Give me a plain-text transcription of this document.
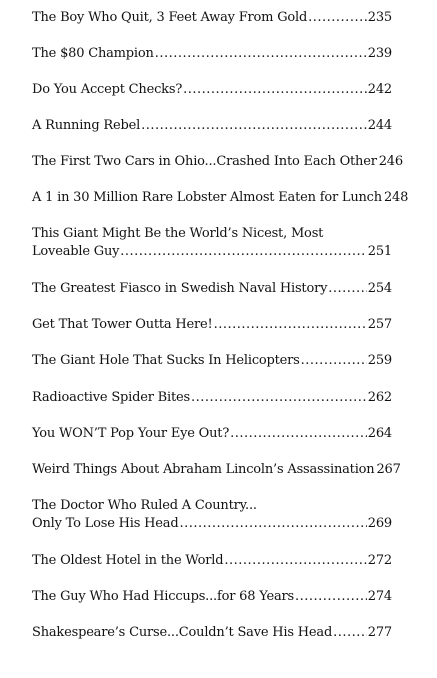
The Boy Who Quit, 3 Feet Away From Gold .....	235
The $80 Champion .....	239
Do You Accept Checks? .....	242
A Running Rebel .....	244
The First Two Cars in Ohio...Crashed Into Each Other 246
A 1 in 30 Million Rare Lobster Almost Eaten for Lunch 248
This Giant Might Be the World’s Nicest, Most
Loveable Guy .....	251
The Greatest Fiasco in Swedish Naval History .....	254
Get That Tower Outta Here! .....	257
The Giant Hole That Sucks In Helicopters .....	259
Radioactive Spider Bites .....	262
You WON’T Pop Your Eye Out? .....	264
Weird Things About Abraham Lincoln’s Assassination 267
The Doctor Who Ruled A Country...
Only To Lose His Head .....	269
The Oldest Hotel in the World .....	272
The Guy Who Had Hiccups...for 68 Years .....	274
Shakespeare’s Curse...Couldn’t Save His Head .....	277
